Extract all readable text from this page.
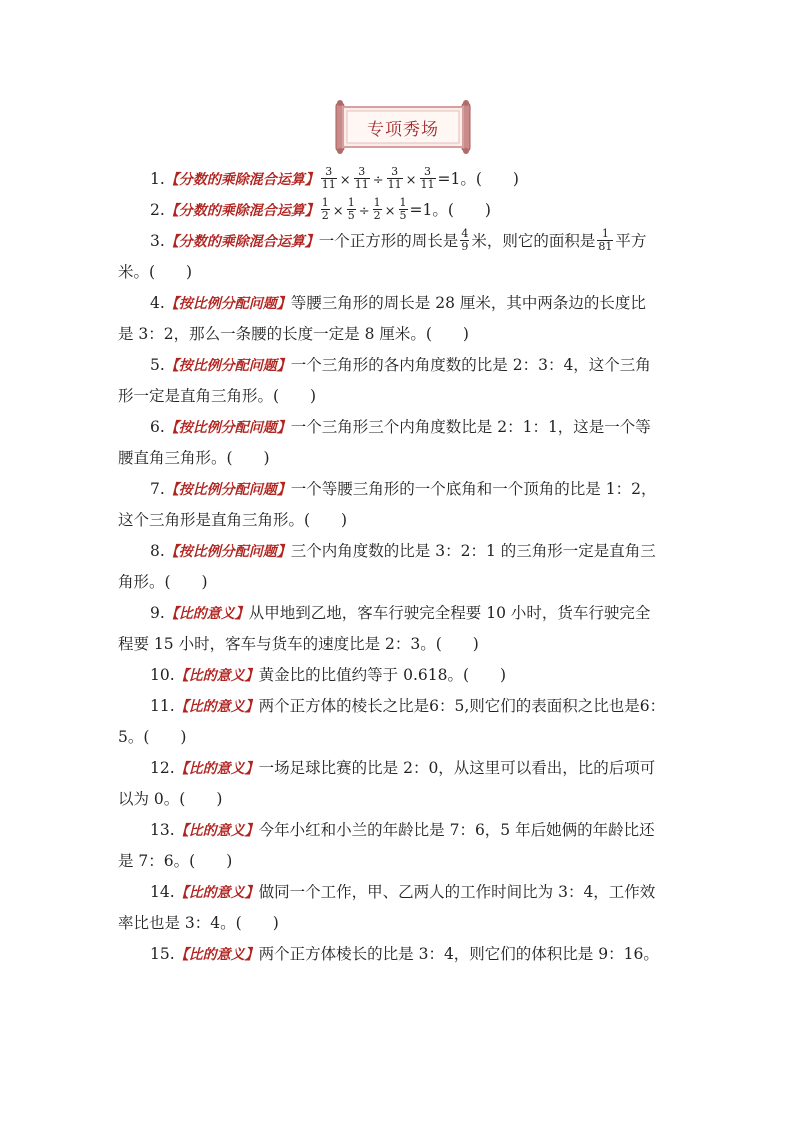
专项秀场
1.【分数的乘除混合运算】 $\frac{3}{11} \times \frac{3}{11} \div \frac{3}{11} \times \frac{3}{11} =1$。(　　)
2.【分数的乘除混合运算】 $\frac{1}{2} \times \frac{1}{5} \div \frac{1}{2} \times \frac{1}{5} =1$。(　　)
3.【分数的乘除混合运算】一个正方形的周长是 $\frac{4}{9}$ 米，则它的面积是 $\frac{1}{81}$ 平方
米。(　　)
4.【按比例分配问题】等腰三角形的周长是 28 厘米，其中两条边的长度比
是 3：2，那么一条腰的长度一定是 8 厘米。(　　)
5.【按比例分配问题】一个三角形的各内角度数的比是 2：3：4，这个三角
形一定是直角三角形。(　　)
6.【按比例分配问题】一个三角形三个内角度数比是 2：1：1，这是一个等
腰直角三角形。(　　)
7.【按比例分配问题】一个等腰三角形的一个底角和一个顶角的比是 1：2，
这个三角形是直角三角形。(　　)
8.【按比例分配问题】三个内角度数的比是 3：2：1 的三角形一定是直角三
角形。(　　)
9.【比的意义】从甲地到乙地，客车行驶完全程要 10 小时，货车行驶完全
程要 15 小时，客车与货车的速度比是 2：3。(　　)
10.【比的意义】黄金比的比值约等于 0.618。(　　)
11.【比的意义】两个正方体的棱长之比是6：5,则它们的表面积之比也是6：
5。(　　)
12.【比的意义】一场足球比赛的比是 2：0，从这里可以看出，比的后项可
以为 0。(　　)
13.【比的意义】今年小红和小兰的年龄比是 7：6，5 年后她俩的年龄比还
是 7：6。(　　)
14.【比的意义】做同一个工作，甲、乙两人的工作时间比为 3：4，工作效
率比也是 3：4。(　　)
15.【比的意义】两个正方体棱长的比是 3：4，则它们的体积比是 9：16。
